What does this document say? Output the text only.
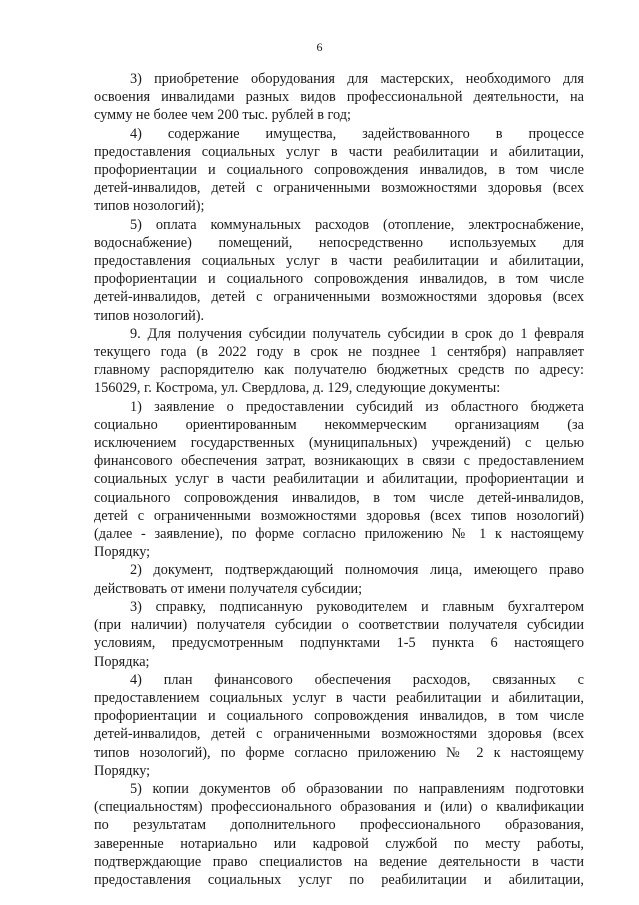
6

3) приобретение оборудования для мастерских, необходимого для
освоения инвалидами разных видов профессиональной деятельности, на
сумму не более чем 200 тыс. рублей в год;

4) содержание имущества, задействованного в процессе
предоставления социальных услуг в части реабилитации и абилитации,
профориентации и социального сопровождения инвалидов, в том числе
детей-инвалидов, детей с ограниченными возможностями здоровья (всех
типов нозологий);

5) оплата коммунальных расходов (отопление, электроснабжение,
водоснабжение) помещений, непосредственно используемых для
предоставления социальных услуг в части реабилитации и абилитации,
профориентации и социального сопровождения инвалидов, в том числе
детей-инвалидов, детей с ограниченными возможностями здоровья (всех
типов нозологий).

9. Для получения субсидии получатель субсидии в срок до 1 февраля
текущего года (в 2022 году в срок не позднее 1 сентября) направляет
главному распорядителю как получателю бюджетных средств по адресу:
156029, г. Кострома, ул. Свердлова, д. 129, следующие документы:

1) заявление о предоставлении субсидий из областного бюджета
социально ориентированным некоммерческим организациям (за
исключением государственных (муниципальных) учреждений) с целью
финансового обеспечения затрат, возникающих в связи с предоставлением
социальных услуг в части реабилитации и абилитации, профориентации и
социального сопровождения инвалидов, в том числе детей-инвалидов,
детей с ограниченными возможностями здоровья (всех типов нозологий)
(далее - заявление), по форме согласно приложению № 1 к настоящему
Порядку;

2) документ, подтверждающий полномочия лица, имеющего право
действовать от имени получателя субсидии;

3) справку, подписанную руководителем и главным бухгалтером
(при наличии) получателя субсидии о соответствии получателя субсидии
условиям, предусмотренным подпунктами 1-5 пункта 6 настоящего
Порядка;

4) план финансового обеспечения расходов, связанных с
предоставлением социальных услуг в части реабилитации и абилитации,
профориентации и социального сопровождения инвалидов, в том числе
детей-инвалидов, детей с ограниченными возможностями здоровья (всех
типов нозологий), по форме согласно приложению № 2 к настоящему
Порядку;

5) копии документов об образовании по направлениям подготовки
(специальностям) профессионального образования и (или) о квалификации
по результатам дополнительного профессионального образования,
заверенные нотариально или кадровой службой по месту работы,
подтверждающие право специалистов на ведение деятельности в части
предоставления социальных услуг по реабилитации и абилитации,
